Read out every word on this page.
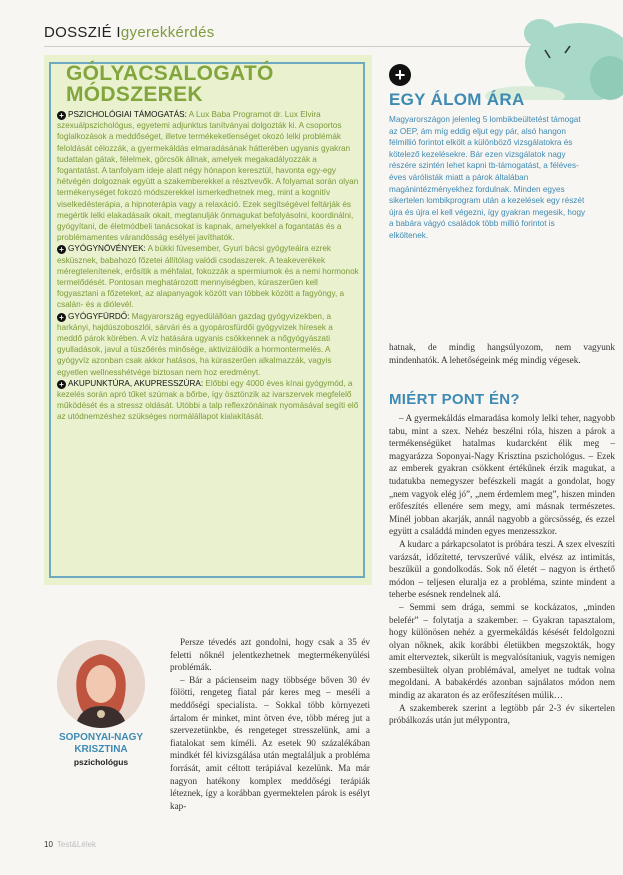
DOSSZIÉ Igyerekkérdés
GÓLYACSALOGATÓ
MÓDSZEREK

+ PSZICHOLÓGIAI TÁMOGATÁS: A Lux Baba Programot dr. Lux Elvira szexuálpszichológus, egyetemi adjunktus tanítványai dolgozták ki. A csoportos foglalkozások a meddőséget, illetve termékeketlenséget okozó lelki problémák feloldását célozzák, a gyermekáldás elmaradásának hátterében ugyanis gyakran tudattalan gátak, félelmek, görcsök állnak, amelyek megakadályozzák a fogantatást. A tanfolyam ideje alatt négy hónapon keresztül, havonta egy-egy hétvégén dolgoznak együtt a szakemberekkel a résztvevők. A folyamat során olyan termékenységet fokozó módszerekkel ismerkedhetnek meg, mint a kognitív viselkedésterápia, a hipnoterápia vagy a relaxáció. Ezek segítségével feltárják és megértik lelki elakadásaik okait, megtanulják önmagukat befolyásolni, koordinálni, gyógyítani, de életmódbeli tanácsokat is kapnak, amelyekkel a fogantatás és a problémamentes várandósság esélyei javíthatók.

+ GYÓGYNÖVÉNYEK: A bükki füvesember, Gyuri bácsi gyógyteáira ezrek esküsznek, babahozó főzetei állítólag valódi csodaszerek. A teakeverékek méregtelenítenek, erősítik a méhfalat, fokozzák a spermiumok és a nemi hormonok termelődését. Pontosan meghatározott mennyiségben, kúraszerűen kell fogyasztani a főzeteket, az alapanyagok között van többek között a fagyöngy, a csalán- és a diólevél.

+ GYÓGYFÜRDŐ: Magyarország egyedülállóan gazdag gyógyvizekben, a harkányi, hajdúszoboszlói, sárvári és a gyopárosfürdői gyógyvizek híresek a meddő párok körében. A víz hatására ugyanis csökkennek a nőgyógyászati gyulladások, javul a tüszőérés minősége, aktivizálódik a hormontermelés. A gyógyvíz azonban csak akkor hatásos, ha kúraszerűen alkalmazzák, vagyis egyetlen wellnesshétvége biztosan nem hoz eredményt.

+ AKUPUNKTÚRA, AKUPRESSZÚRA: Előbbi egy 4000 éves kínai gyógymód, a kezelés során apró tűket szúrnak a bőrbe, így ösztönzik az ivarszervek megfelelő működését és a stressz oldását. Utóbbi a talp reflexzónáinak nyomásával segíti elő az utódnemzéshez szükséges normálállapot kialakítását.

+
EGY ÁLOM ÁRA
Magyarországon jelenleg 5 lombikbeültetést támogat az OEP, ám míg eddig eljut egy pár, alsó hangon félmillió forintot elkölt a különböző vizsgálatokra és kötelező kezelésekre. Bár ezen vizsgálatok nagy részére szintén lehet kapni tb-támogatást, a féléves-éves várólisták miatt a párok általában magánintézményekhez fordulnak. Minden egyes sikertelen lombikprogram után a kezelések egy részét újra és újra el kell végezni, így gyakran megesik, hogy a babára vágyó családok több millió forintot is elköltenek.
hatnak, de mindig hangsúlyozom, nem vagyunk mindenhatók. A lehetőségeink még mindig végesek.
MIÉRT PONT ÉN?

– A gyermekáldás elmaradása komoly lelki teher, nagyobb tabu, mint a szex. Nehéz beszélni róla, hiszen a párok a termékenségüket hatalmas kudarcként élik meg – magyarázza Soponyai-Nagy Krisztina pszichológus. – Ezek az emberek gyakran csökkent értékűnek érzik magukat, a tudatukba nemegyszer befészkeli magát a gondolat, hogy „nem vagyok elég jó”, „nem érdemlem meg”, hiszen minden erőfeszítés ellenére sem megy, ami másnak természetes. Minél jobban akarják, annál nagyobb a görcsösség, és ezzel együtt a családdá minden egyes menzesszkor.

A kudarc a párkapcsolatot is próbára teszi. A szex elveszíti varázsát, időzítetté, tervszerűvé válik, elvész az intimitás, beszűkül a gondolkodás. Sok nő életét – nagyon is érthető módon – teljesen eluralja ez a probléma, szinte mindent a teherbe esésnek rendelnek alá.

– Semmi sem drága, semmi se kockázatos, „minden belefér” – folytatja a szakember. – Gyakran tapasztalom, hogy különösen nehéz a gyermekáldás késését feldolgozni olyan nőknek, akik korábbi életükben megszokták, hogy amit elterveztek, sikerült is megvalósítaniuk, vagyis nemigen szembesültek olyan problémával, amelyet ne tudtak volna megoldani. A babakérdés azonban sajnálatos módon nem mindig az akaraton és az erőfeszítésen múlik…

A szakemberek szerint a legtöbb pár 2-3 év sikertelen próbálkozás után jut mélypontra,

Persze tévedés azt gondolni, hogy csak a 35 év feletti nőknél jelentkezhetnek megtermékenyülési problémák.

– Bár a pácienseim nagy többsége bőven 30 év fölötti, rengeteg fiatal pár keres meg – meséli a meddőségi specialista. – Sokkal több környezeti ártalom ér minket, mint ötven éve, több méreg jut a szervezetünkbe, és rengeteget stresszelünk, ami a fiatalokat sem kíméli. Az esetek 90 százalékában mindkét fél kivizsgálása után megtaláljuk a probléma forrását, amit céltott terápiával kezelünk. Ma már nagyon hatékony komplex meddőségi terápiák léteznek, így a korábban gyermektelen párok is esélyt kap-

SOPONYAI-NAGY
KRISZTINA
pszichológus
10 Test&Lélek
